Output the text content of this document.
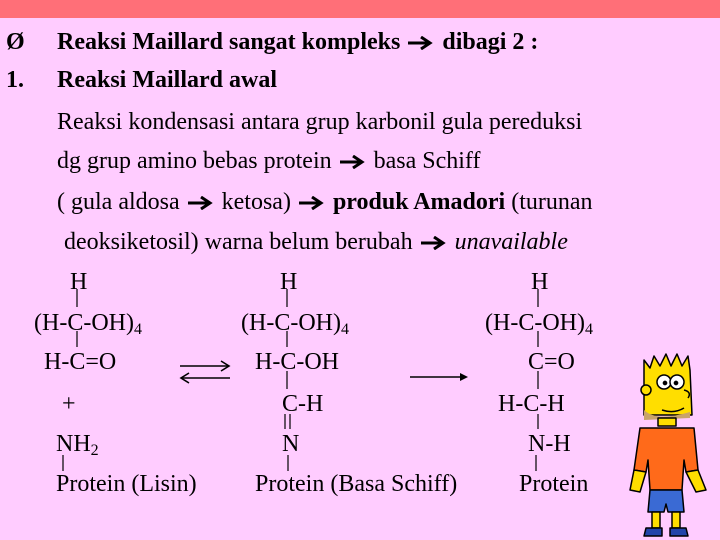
Ø Reaksi Maillard sangat kompleks dibagi 2 :
1. Reaksi Maillard awal
Reaksi kondensasi antara grup karbonil gula pereduksi
dg grup amino bebas protein basa Schiff
( gula aldosa ketosa) produk Amadori (turunan
deoksiketosil) warna belum berubah unavailable
H
$(H-C-OH)_4$
H-C=O
+
$NH_2$
Protein (Lisin)
H
$(H-C-OH)_4$
H-C-OH
C-H
N
Protein (Basa Schiff)
H
$(H-C-OH)_4$
C=O
H-C-H
N-H
Protein
